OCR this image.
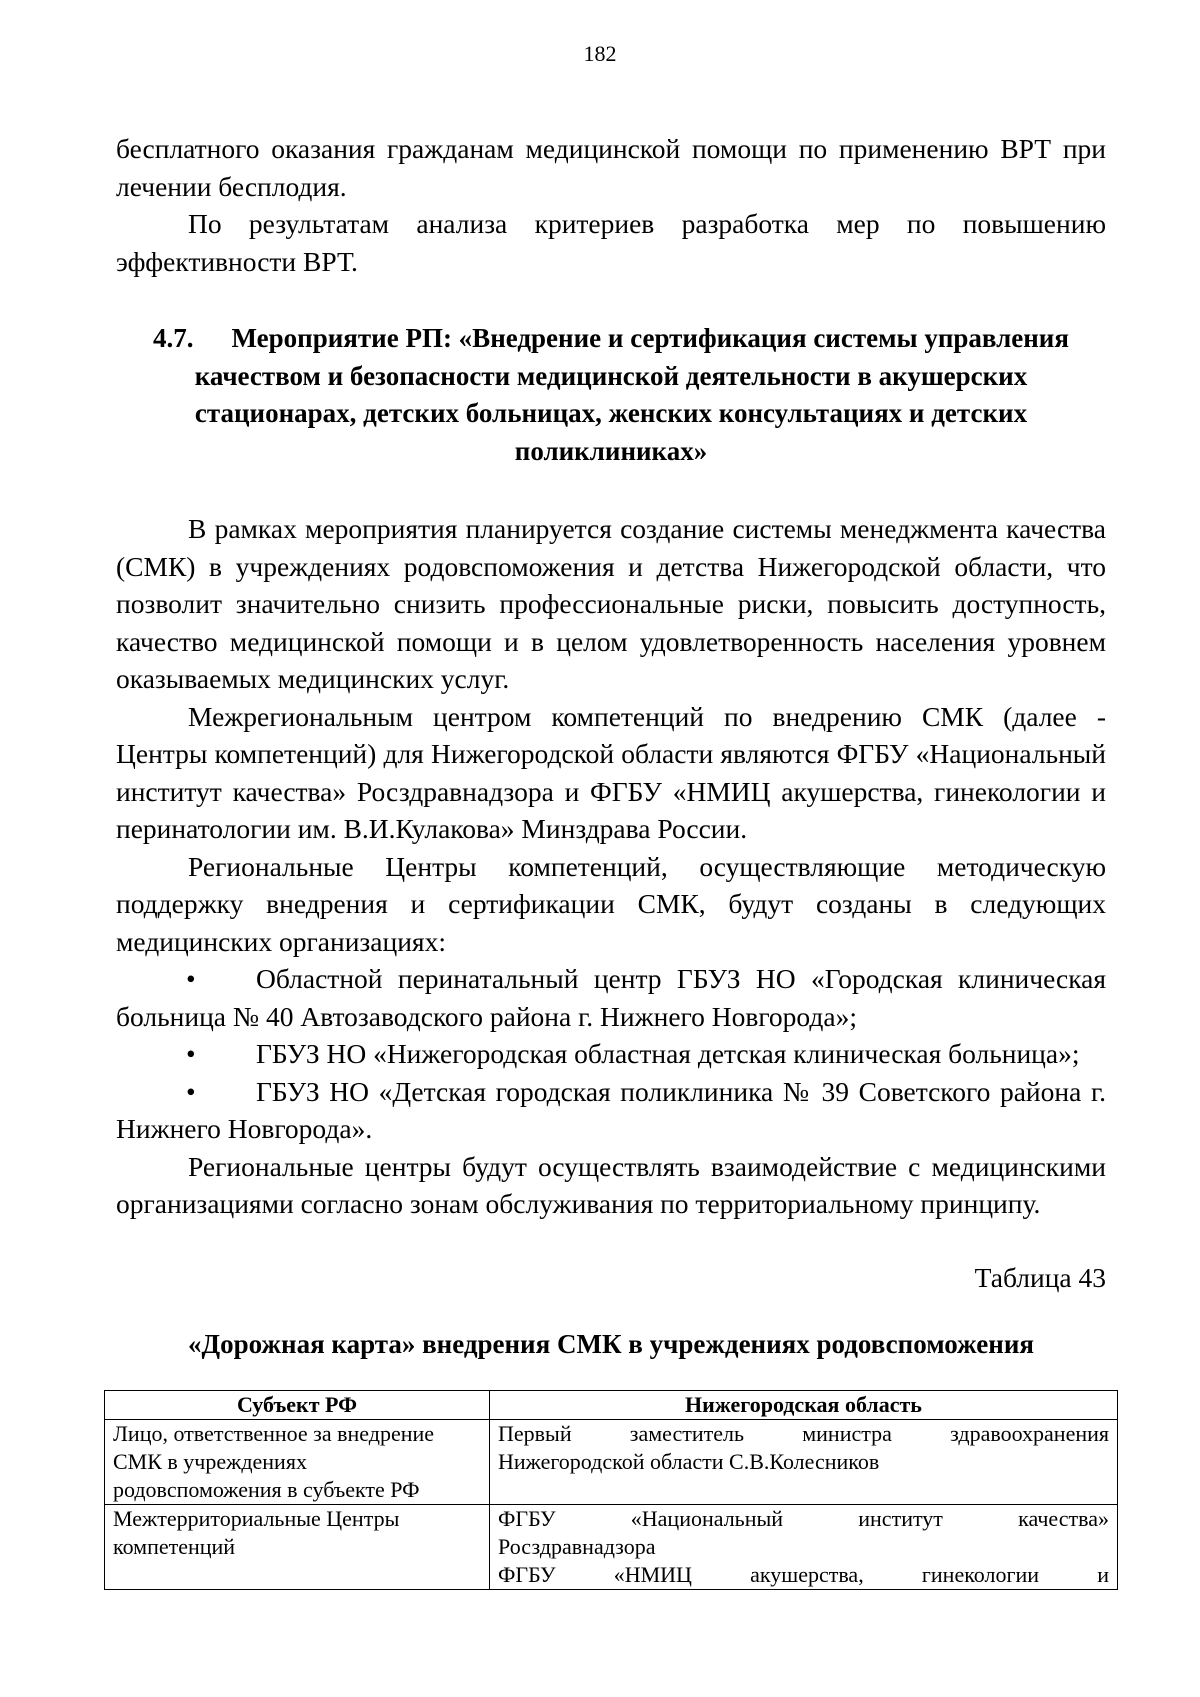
182

бесплатного оказания гражданам медицинской помощи по применению ВРТ при лечении бесплодия.

По результатам анализа критериев разработка мер по повышению эффективности ВРТ.

4.7. Мероприятие РП: «Внедрение и сертификация системы управления качеством и безопасности медицинской деятельности в акушерских стационарах, детских больницах, женских консультациях и детских поликлиниках»

В рамках мероприятия планируется создание системы менеджмента качества (СМК) в учреждениях родовспоможения и детства Нижегородской области, что позволит значительно снизить профессиональные риски, повысить доступность, качество медицинской помощи и в целом удовлетворенность населения уровнем оказываемых медицинских услуг.

Межрегиональным центром компетенций по внедрению СМК (далее - Центры компетенций) для Нижегородской области являются ФГБУ «Национальный институт качества» Росздравнадзора и ФГБУ «НМИЦ акушерства, гинекологии и перинатологии им. В.И.Кулакова» Минздрава России.

Региональные Центры компетенций, осуществляющие методическую поддержку внедрения и сертификации СМК, будут созданы в следующих медицинских организациях:

• Областной перинатальный центр ГБУЗ НО «Городская клиническая больница № 40 Автозаводского района г. Нижнего Новгорода»;
• ГБУЗ НО «Нижегородская областная детская клиническая больница»;
• ГБУЗ НО «Детская городская поликлиника № 39 Советского района г. Нижнего Новгорода».

Региональные центры будут осуществлять взаимодействие с медицинскими организациями согласно зонам обслуживания по территориальному принципу.

Таблица 43
«Дорожная карта» внедрения СМК в учреждениях родовспоможения
Субъект РФ	Нижегородская область
Лицо, ответственное за внедрение СМК в учреждениях родовспоможения в субъекте РФ	Первый заместитель министра здравоохранения
Нижегородской области С.В.Колесников

Межтерриториальные Центры компетенций	ФГБУ «Национальный институт качества»
Росздравнадзора
ФГБУ «НМИЦ акушерства, гинекологии и
